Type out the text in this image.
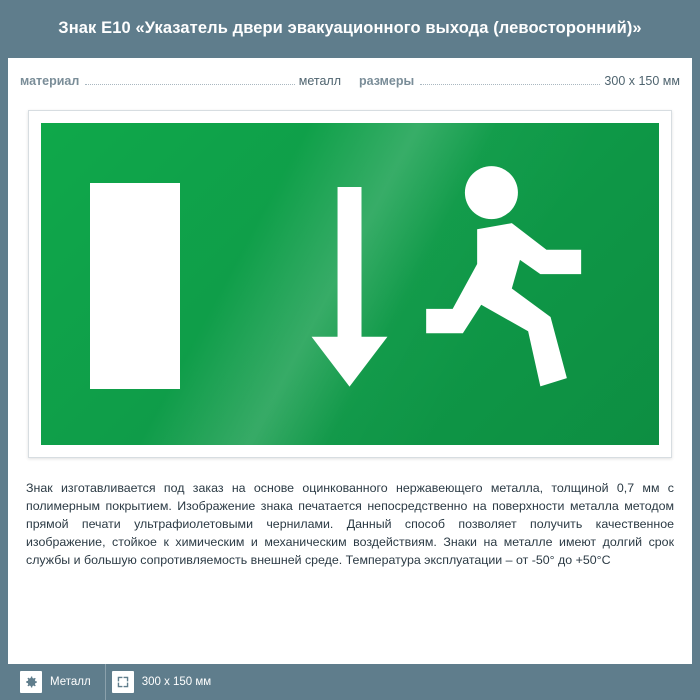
Знак E10 «Указатель двери эвакуационного выхода (левосторонний)»
материал	металл размеры	300 x 150 мм
Знак изготавливается под заказ на основе оцинкованного нержавеющего металла, толщиной 0,7 мм с полимерным покрытием. Изображение знака печатается непосредственно на поверхности металла методом прямой печати ультрафиолетовыми чернилами. Данный способ позволяет получить качественное изображение, стойкое к химическим и механическим воздействиям. Знаки на металле имеют долгий срок службы и большую сопротивляемость внешней среде. Температура эксплуатации – от -50° до +50°C
Металл	300 x 150 мм
